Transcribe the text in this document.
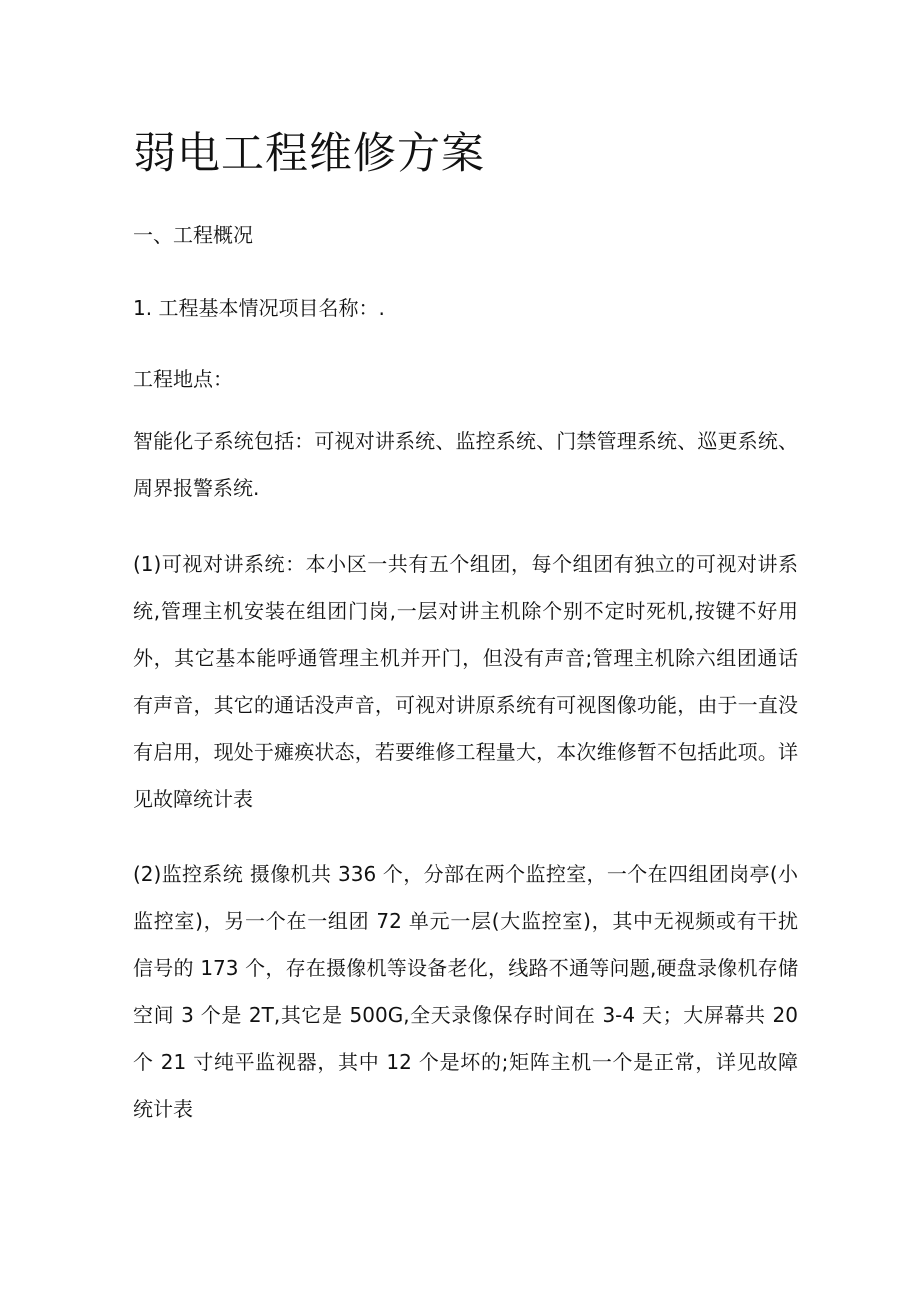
弱电工程维修方案

一、工程概况

1. 工程基本情况项目名称：.

工程地点：

智能化子系统包括：可视对讲系统、监控系统、门禁管理系统、巡更系统、
周界报警系统.
(1)可视对讲系统：本小区一共有五个组团，每个组团有独立的可视对讲系
统,管理主机安装在组团门岗,一层对讲主机除个别不定时死机,按键不好用
外，其它基本能呼通管理主机并开门，但没有声音;管理主机除六组团通话
有声音，其它的通话没声音，可视对讲原系统有可视图像功能，由于一直没
有启用，现处于瘫痪状态，若要维修工程量大，本次维修暂不包括此项。详
见故障统计表
(2)监控系统 摄像机共 336 个，分部在两个监控室，一个在四组团岗亭(小
监控室)，另一个在一组团 72 单元一层(大监控室)，其中无视频或有干扰
信号的 173 个，存在摄像机等设备老化，线路不通等问题,硬盘录像机存储
空间 3 个是 2T,其它是 500G,全天录像保存时间在 3-4 天；大屏幕共 20
个 21 寸纯平监视器，其中 12 个是坏的;矩阵主机一个是正常，详见故障
统计表
